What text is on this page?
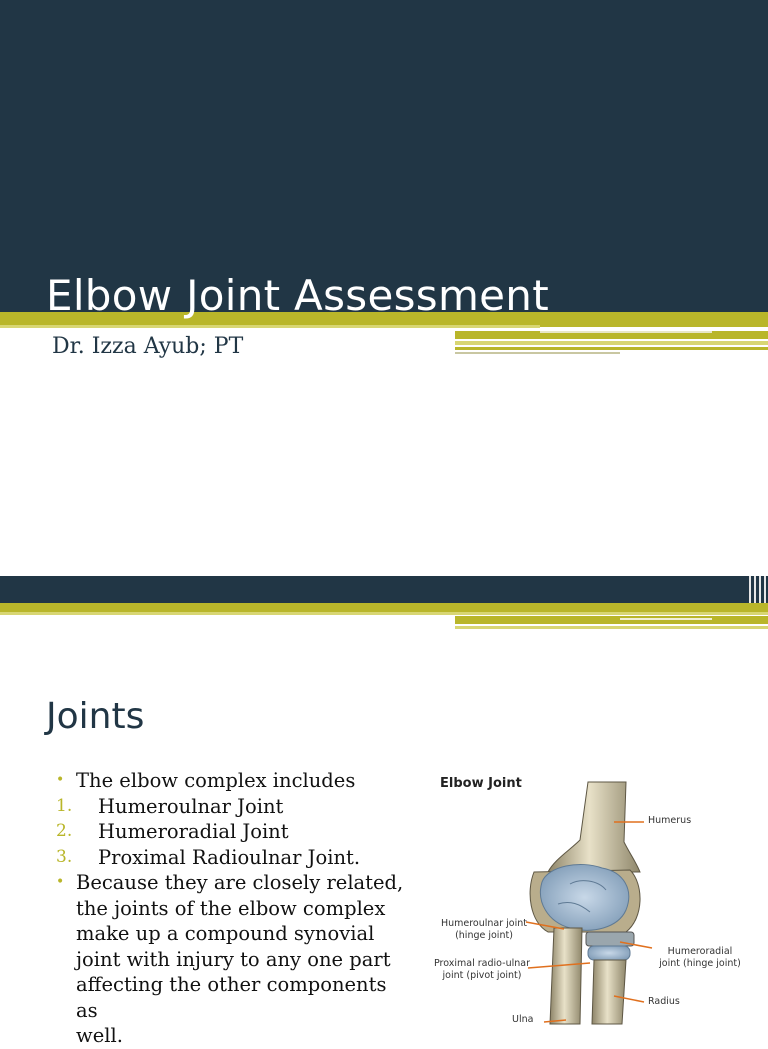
Elbow Joint Assessment
Dr. Izza Ayub; PT
Joints
• The elbow complex includes
1.	Humeroulnar Joint
2.	Humeroradial Joint
3.	Proximal Radioulnar Joint.
• Because they are closely related,
the joints of the elbow complex
make up a compound synovial
joint with injury to any one part
affecting the other components as
well.
Elbow Joint
Humerus
Humeroulnar joint
(hinge joint)
Humeroradial
joint (hinge joint)
Proximal radio-ulnar
joint (pivot joint)
Radius
Ulna
